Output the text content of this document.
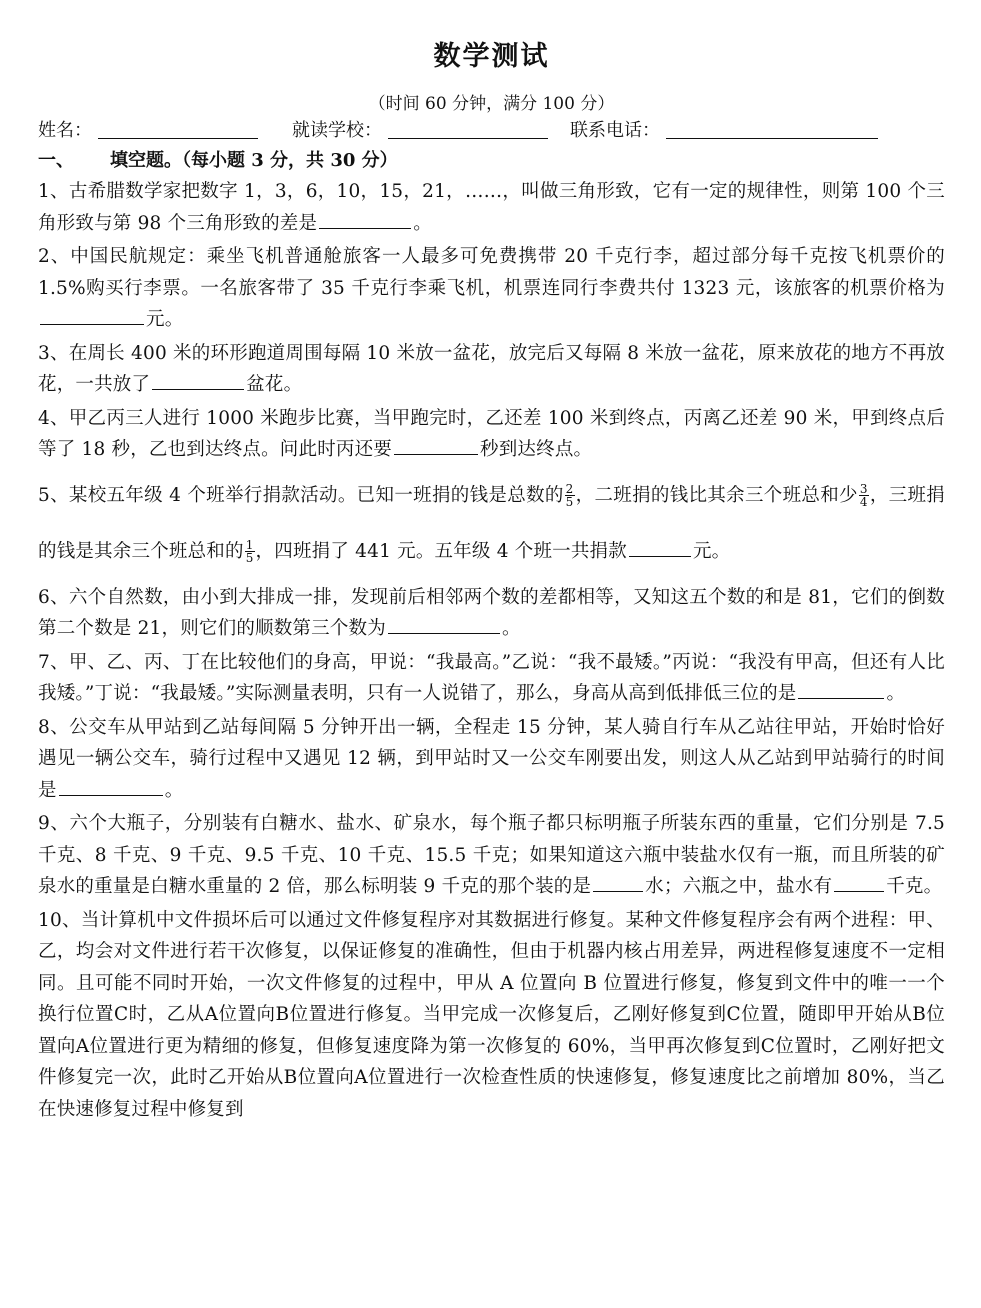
数学测试
（时间 60 分钟，满分 100 分）
姓名：	就读学校：	联系电话：
一、 填空题。（每小题 3 分，共 30 分）

1、古希腊数学家把数字 1，3，6，10，15，21，……，叫做三角形致，它有一定的规律性，则第 100 个三角形致与第 98 个三角形致的差是	。

2、中国民航规定：乘坐飞机普通舱旅客一人最多可免费携带 20 千克行李，超过部分每千克按飞机票价的 1.5%购买行李票。一名旅客带了 35 千克行李乘飞机，机票连同行李费共付 1323 元，该旅客的机票价格为元。

3、在周长 400 米的环形跑道周围每隔 10 米放一盆花，放完后又每隔 8 米放一盆花，原来放花的地方不再放花，一共放了	盆花。

4、甲乙丙三人进行 1000 米跑步比赛，当甲跑完时，乙还差 100 米到终点，丙离乙还差 90 米，甲到终点后等了 18 秒，乙也到达终点。问此时丙还要	秒到达终点。

5、某校五年级 4 个班举行捐款活动。已知一班捐的钱是总数的 $\frac{2}{5}$ ，二班捐的钱比其余三个班总和少 $\frac{3}{4}$ ，三班捐的钱是其余三个班总和的 $\frac{1}{5}$ ，四班捐了 441 元。五年级 4 个班一共捐款	元。

6、六个自然数，由小到大排成一排，发现前后相邻两个数的差都相等，又知这五个数的和是 81，它们的倒数第二个数是 21，则它们的顺数第三个数为	。

7、甲、乙、丙、丁在比较他们的身高，甲说：“我最高。”乙说：“我不最矮。”丙说：“我没有甲高，但还有人比我矮。”丁说：“我最矮。”实际测量表明，只有一人说错了，那么，身高从高到低排低三位的是	。

8、公交车从甲站到乙站每间隔 5 分钟开出一辆，全程走 15 分钟，某人骑自行车从乙站往甲站，开始时恰好遇见一辆公交车，骑行过程中又遇见 12 辆，到甲站时又一公交车刚要出发，则这人从乙站到甲站骑行的时间是	。

9、六个大瓶子，分别装有白糖水、盐水、矿泉水，每个瓶子都只标明瓶子所装东西的重量，它们分别是 7.5 千克、8 千克、9 千克、9.5 千克、10 千克、15.5 千克；如果知道这六瓶中装盐水仅有一瓶，而且所装的矿泉水的重量是白糖水重量的 2 倍，那么标明装 9 千克的那个装的是	水；六瓶之中，盐水有	千克。

10、当计算机中文件损坏后可以通过文件修复程序对其数据进行修复。某种文件修复程序会有两个进程：甲、乙，均会对文件进行若干次修复，以保证修复的准确性，但由于机器内核占用差异，两进程修复速度不一定相同。且可能不同时开始，一次文件修复的过程中，甲从 A 位置向 B 位置进行修复，修复到文件中的唯一一个换行位置C时，乙从A位置向B位置进行修复。当甲完成一次修复后，乙刚好修复到C位置，随即甲开始从B位置向A位置进行更为精细的修复，但修复速度降为第一次修复的 60%，当甲再次修复到C位置时，乙刚好把文件修复完一次，此时乙开始从B位置向A位置进行一次检查性质的快速修复，修复速度比之前增加 80%，当乙在快速修复过程中修复到
